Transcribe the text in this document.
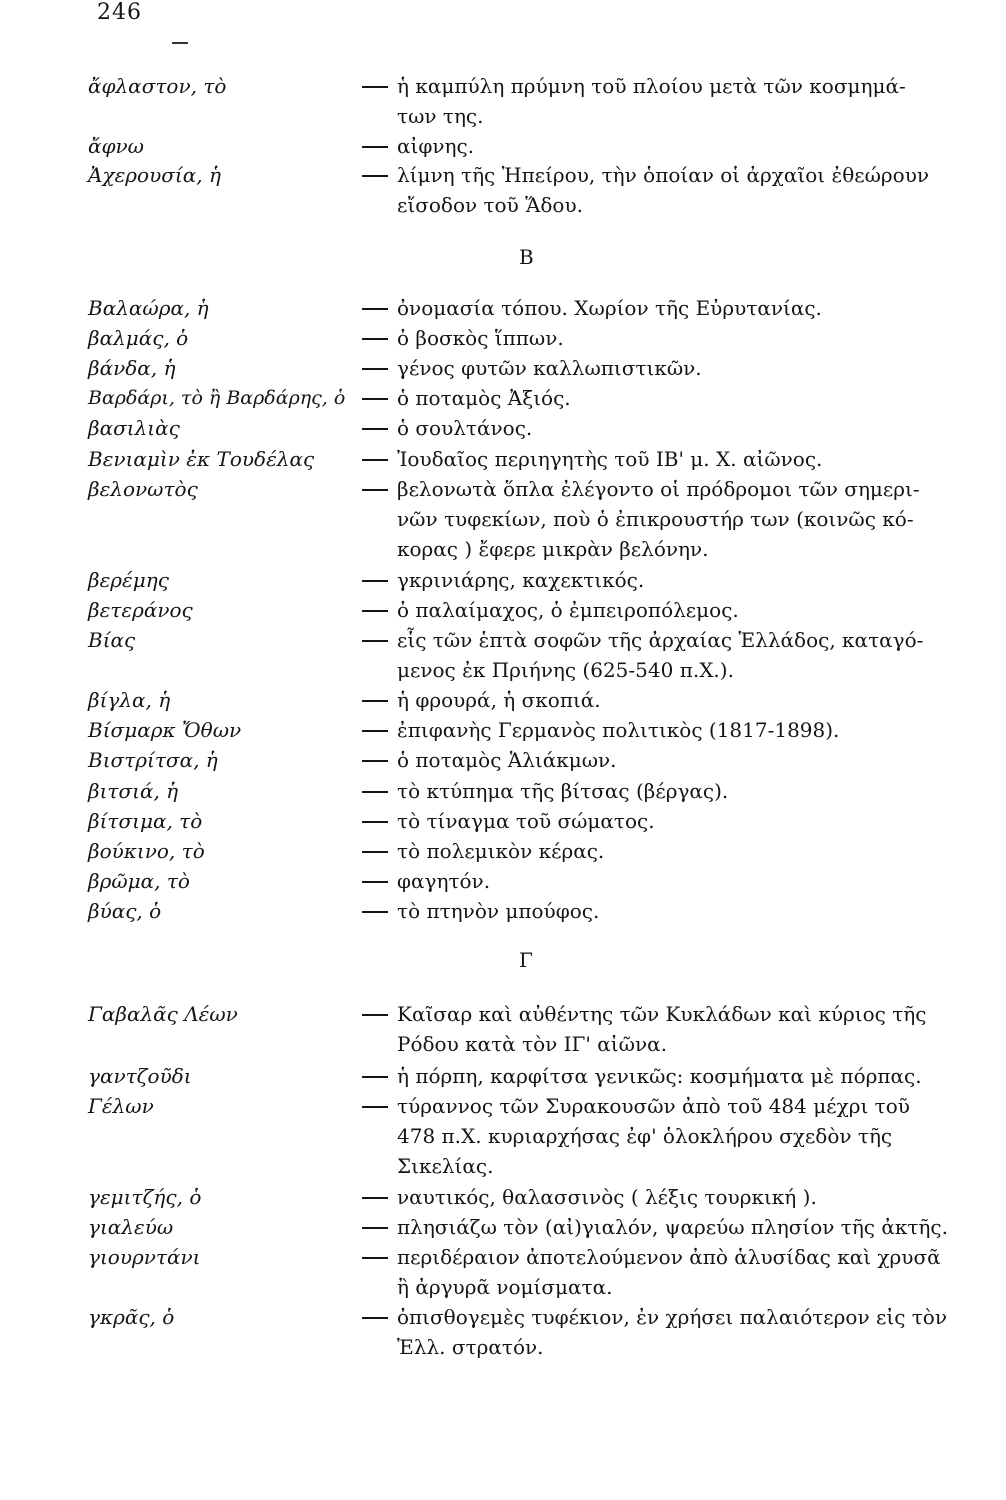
246
ἄφλαστον, τὸ	ἡ καμπύλη πρύμνη τοῦ πλοίου μετὰ τῶν κοσμημά-
των της.
ἄφνω	αἰφνης.
Ἀχερουσία, ἡ	λίμνη τῆς Ἠπείρου, τὴν ὁποίαν οἱ ἀρχαῖοι ἐθεώρουν
εἴσοδον τοῦ Ἅδου.
Β
Βαλαώρα, ἡ	ὀνομασία τόπου. Χωρίον τῆς Εὐρυτανίας.
βαλμάς, ὁ	ὁ βοσκὸς ἵππων.
βάνδα, ἡ	γένος φυτῶν καλλωπιστικῶν.
Βαρδάρι, τὸ ἢ Βαρδάρης, ὁ	ὁ ποταμὸς Ἀξιός.
βασιλιὰς	ὁ σουλτάνος.
Βενιαμὶν ἐκ Τουδέλας	Ἰουδαῖος περιηγητὴς τοῦ ΙΒ' μ. Χ. αἰῶνος.
βελονωτὸς	βελονωτὰ ὅπλα ἐλέγοντο οἱ πρόδρομοι τῶν σημερι-
νῶν τυφεκίων, ποὺ ὁ ἐπικρουστήρ των (κοινῶς κό-
κορας ) ἔφερε μικρὰν βελόνην.
βερέμης	γκρινιάρης, καχεκτικός.
βετεράνος	ὁ παλαίμαχος, ὁ ἐμπειροπόλεμος.
Βίας	εἷς τῶν ἑπτὰ σοφῶν τῆς ἀρχαίας Ἑλλάδος, καταγό-
μενος ἐκ Πριήνης (625-540 π.Χ.).
βίγλα, ἡ	ἡ φρουρά, ἡ σκοπιά.
Βίσμαρκ Ὄθων	ἐπιφανὴς Γερμανὸς πολιτικὸς (1817-1898).
Βιστρίτσα, ἡ	ὁ ποταμὸς Ἁλιάκμων.
βιτσιά, ἡ	τὸ κτύπημα τῆς βίτσας (βέργας).
βίτσιμα, τὸ	τὸ τίναγμα τοῦ σώματος.
βούκινο, τὸ	τὸ πολεμικὸν κέρας.
βρῶμα, τὸ	φαγητόν.
βύας, ὁ	τὸ πτηνὸν μπούφος.
Γ
Γαβαλᾶς Λέων	Καῖσαρ καὶ αὐθέντης τῶν Κυκλάδων καὶ κύριος τῆς
Ρόδου κατὰ τὸν ΙΓ' αἰῶνα.
γαντζοῦδι	ἡ πόρπη, καρφίτσα γενικῶς: κοσμήματα μὲ πόρπας.
Γέλων	τύραννος τῶν Συρακουσῶν ἀπὸ τοῦ 484 μέχρι τοῦ
478 π.Χ. κυριαρχήσας ἐφ' ὁλοκλήρου σχεδὸν τῆς
Σικελίας.
γεμιτζής, ὁ	ναυτικός, θαλασσινὸς ( λέξις τουρκική ).
γιαλεύω	πλησιάζω τὸν (αἰ)γιαλόν, ψαρεύω πλησίον τῆς ἀκτῆς.
γιουρντάνι	περιδέραιον ἀποτελούμενον ἀπὸ ἁλυσίδας καὶ χρυσᾶ
ἢ ἀργυρᾶ νομίσματα.
γκρᾶς, ὁ	ὀπισθογεμὲς τυφέκιον, ἐν χρήσει παλαιότερον εἰς τὸν
Ἑλλ. στρατόν.
